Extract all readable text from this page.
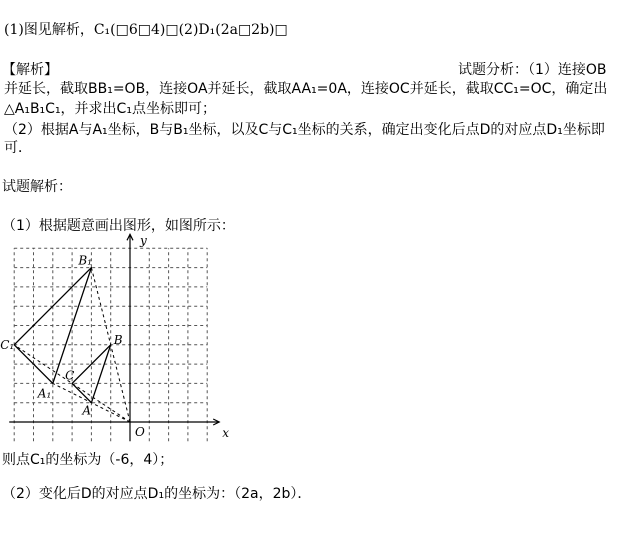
(1)图见解析，C₁(□6□4)□(2)D₁(2a□2b)□
【解析】	试题分析：（1）连接OB
并延长，截取BB₁=OB，连接OA并延长，截取AA₁=0A，连接OC并延长，截取CC₁=OC，确定出
△A₁B₁C₁，并求出C₁点坐标即可；
（2）根据A与A₁坐标，B与B₁坐标，以及C与C₁坐标的关系，确定出变化后点D的对应点D₁坐标即
可．
试题解析：
（1）根据题意画出图形，如图所示：
x
y
O
A
B
C
A₁
B₁
C₁
则点C₁的坐标为（-6，4）；
（2）变化后D的对应点D₁的坐标为：（2a，2b）．
